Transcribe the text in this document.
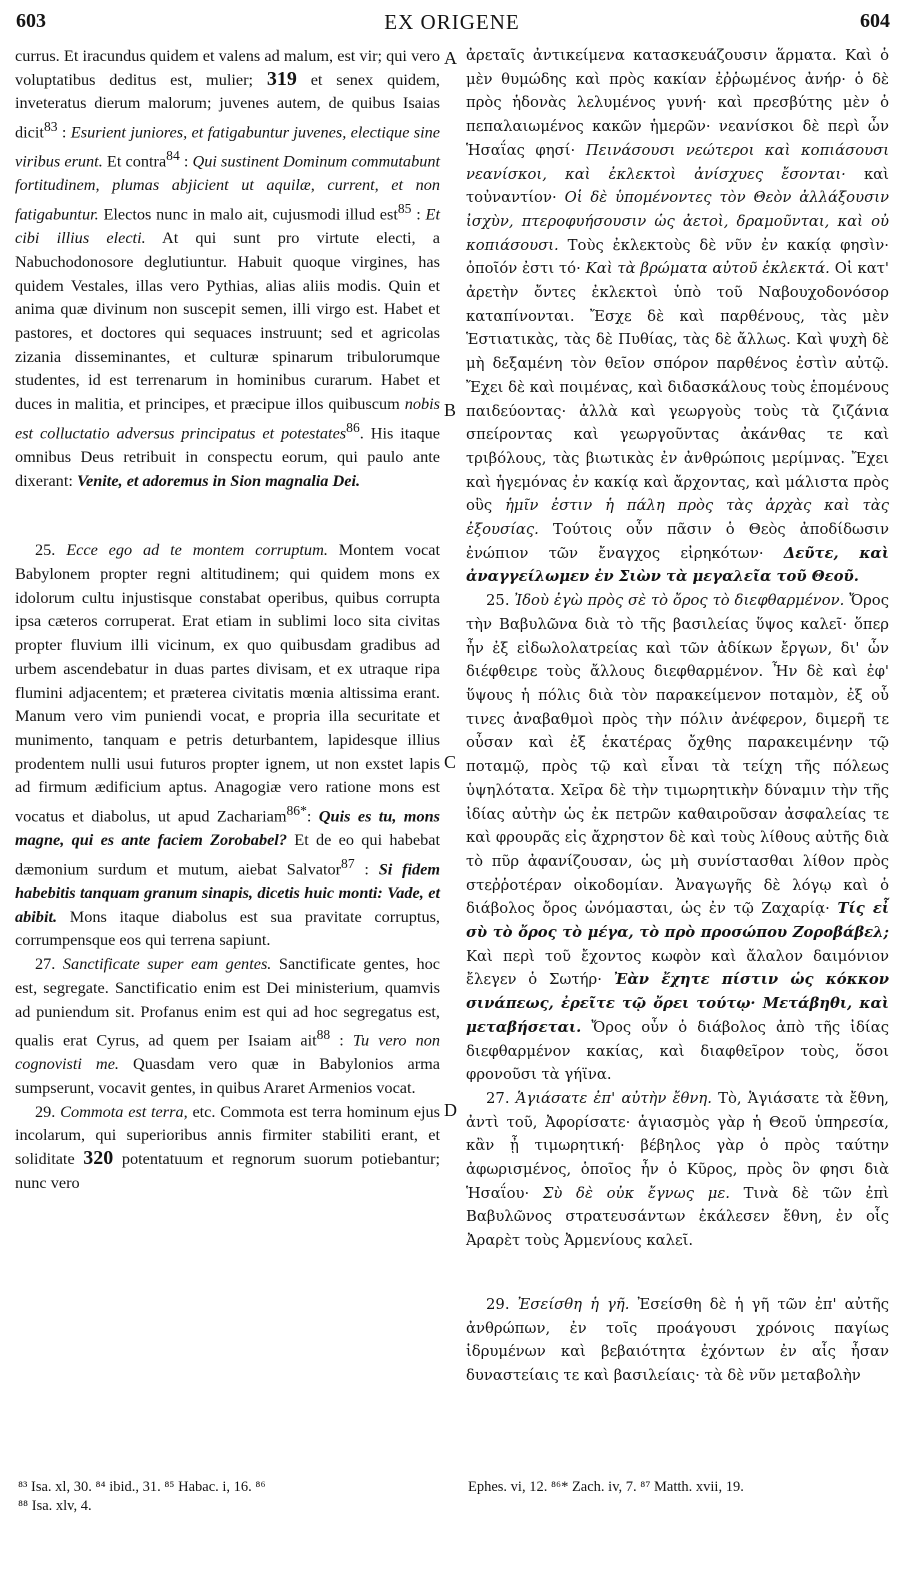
603	EX ORIGENE	604

currus. Et iracundus quidem et valens ad malum, est vir; qui vero voluptatibus deditus est, mulier; 319 et senex quidem, inveteratus dierum malorum; juvenes autem, de quibus Isaias dicit$^{83}$ : Esurient juniores, et fatigabuntur juvenes, electique sine viribus erunt. Et contra$^{84}$ : Qui sustinent Dominum commutabunt fortitudinem, plumas abjicient ut aquilæ, current, et non fatigabuntur. Electos nunc in malo ait, cujusmodi illud est$^{85}$ : Et cibi illius electi. At qui sunt pro virtute electi, a Nabuchodonosore deglutiuntur. Habuit quoque virgines, has quidem Vestales, illas vero Pythias, alias aliis modis. Quin et anima quæ divinum non suscepit semen, illi virgo est. Habet et pastores, et doctores qui sequaces instruunt; sed et agricolas zizania disseminantes, et culturæ spinarum tribulorumque studentes, id est terrenarum in hominibus curarum. Habet et duces in malitia, et principes, et præcipue illos quibuscum nobis est colluctatio adversus principatus et potestates$^{86}$. His itaque omnibus Deus retribuit in conspectu eorum, qui paulo ante dixerant: Venite, et adoremus in Sion magnalia Dei.

25. Ecce ego ad te montem corruptum. Montem vocat Babylonem propter regni altitudinem; qui quidem mons ex idolorum cultu injustisque constabat operibus, quibus corrupta ipsa cæteros corruperat. Erat etiam in sublimi loco sita civitas propter fluvium illi vicinum, ex quo quibusdam gradibus ad urbem ascendebatur in duas partes divisam, et ex utraque ripa flumini adjacentem; et præterea civitatis mœnia altissima erant. Manum vero vim puniendi vocat, e propria illa securitate et munimento, tanquam e petris deturbantem, lapidesque illius prodentem nulli usui futuros propter ignem, ut non exstet lapis ad firmum ædificium aptus. Anagogiæ vero ratione mons est vocatus et diabolus, ut apud Zachariam$^{86*}$: Quis es tu, mons magne, qui es ante faciem Zorobabel? Et de eo qui habebat dæmonium surdum et mutum, aiebat Salvator$^{87}$ : Si fidem habebitis tanquam granum sinapis, dicetis huic monti: Vade, et abibit. Mons itaque diabolus est sua pravitate corruptus, corrumpensque eos qui terrena sapiunt.

27. Sanctificate super eam gentes. Sanctificate gentes, hoc est, segregate. Sanctificatio enim est Dei ministerium, quamvis ad puniendum sit. Profanus enim est qui ad hoc segregatus est, qualis erat Cyrus, ad quem per Isaiam ait$^{88}$ : Tu vero non cognovisti me. Quasdam vero quæ in Babylonios arma sumpserunt, vocavit gentes, in quibus Araret Armenios vocat.

29. Commota est terra, etc. Commota est terra hominum ejus incolarum, qui superioribus annis firmiter stabiliti erant, et soliditate 320 potentatuum et regnorum suorum potiebantur; nunc vero

A
B
C
D

ἀρεταῖς ἀντικείμενα κατασκευάζουσιν ἅρματα. Καὶ ὁ μὲν θυμώδης καὶ πρὸς κακίαν ἐῤῥωμένος ἀνήρ· ὁ δὲ πρὸς ἡδονὰς λελυμένος γυνή· καὶ πρεσβύτης μὲν ὁ πεπαλαιωμένος κακῶν ἡμερῶν· νεανίσκοι δὲ περὶ ὧν Ἡσαΐας φησί· Πεινάσουσι νεώτεροι καὶ κοπιάσουσι νεανίσκοι, καὶ ἐκλεκτοὶ ἀνίσχυες ἔσονται· καὶ τοὐναντίον· Οἱ δὲ ὑπομένοντες τὸν Θεὸν ἀλλάξουσιν ἰσχὺν, πτεροφυήσουσιν ὡς ἀετοὶ, δραμοῦνται, καὶ οὐ κοπιάσουσι. Τοὺς ἐκλεκτοὺς δὲ νῦν ἐν κακίᾳ φησὶν· ὁποῖόν ἐστι τό· Καὶ τὰ βρώματα αὐτοῦ ἐκλεκτά. Οἱ κατ' ἀρετὴν ὄντες ἐκλεκτοὶ ὑπὸ τοῦ Ναβουχοδονόσορ καταπίνονται. Ἔσχε δὲ καὶ παρθένους, τὰς μὲν Ἑστιατικὰς, τὰς δὲ Πυθίας, τὰς δὲ ἄλλως. Καὶ ψυχὴ δὲ μὴ δεξαμένη τὸν θεῖον σπόρον παρθένος ἐστὶν αὐτῷ. Ἔχει δὲ καὶ ποιμένας, καὶ διδασκάλους τοὺς ἑπομένους παιδεύοντας· ἀλλὰ καὶ γεωργοὺς τοὺς τὰ ζιζάνια σπείροντας καὶ γεωργοῦντας ἀκάνθας τε καὶ τριβόλους, τὰς βιωτικὰς ἐν ἀνθρώποις μερίμνας. Ἔχει καὶ ἡγεμόνας ἐν κακίᾳ καὶ ἄρχοντας, καὶ μάλιστα πρὸς οὓς ἡμῖν ἐστιν ἡ πάλη πρὸς τὰς ἀρχὰς καὶ τὰς ἐξουσίας. Τούτοις οὖν πᾶσιν ὁ Θεὸς ἀποδίδωσιν ἐνώπιον τῶν ἔναγχος εἰρηκότων· Δεῦτε, καὶ ἀναγγείλωμεν ἐν Σιὼν τὰ μεγαλεῖα τοῦ Θεοῦ.

25. Ἰδοὺ ἐγὼ πρὸς σὲ τὸ ὄρος τὸ διεφθαρμένον. Ὄρος τὴν Βαβυλῶνα διὰ τὸ τῆς βασιλείας ὕψος καλεῖ· ὅπερ ἦν ἐξ εἰδωλολατρείας καὶ τῶν ἀδίκων ἔργων, δι' ὧν διέφθειρε τοὺς ἄλλους διεφθαρμένον. Ἦν δὲ καὶ ἐφ' ὕψους ἡ πόλις διὰ τὸν παρακείμενον ποταμὸν, ἐξ οὗ τινες ἀναβαθμοὶ πρὸς τὴν πόλιν ἀνέφερον, διμερῆ τε οὖσαν καὶ ἐξ ἑκατέρας ὄχθης παρακειμένην τῷ ποταμῷ, πρὸς τῷ καὶ εἶναι τὰ τείχη τῆς πόλεως ὑψηλότατα. Χεῖρα δὲ τὴν τιμωρητικὴν δύναμιν τὴν τῆς ἰδίας αὐτὴν ὡς ἐκ πετρῶν καθαιροῦσαν ἀσφαλείας τε καὶ φρουρᾶς εἰς ἄχρηστον δὲ καὶ τοὺς λίθους αὐτῆς διὰ τὸ πῦρ ἀφανίζουσαν, ὡς μὴ συνίστασθαι λίθον πρὸς στεῤῥοτέραν οἰκοδομίαν. Ἀναγωγῆς δὲ λόγῳ καὶ ὁ διάβολος ὄρος ὠνόμασται, ὡς ἐν τῷ Ζαχαρίᾳ· Τίς εἶ σὺ τὸ ὄρος τὸ μέγα, τὸ πρὸ προσώπου Ζοροβάβελ; Καὶ περὶ τοῦ ἔχοντος κωφὸν καὶ ἄλαλον δαιμόνιον ἔλεγεν ὁ Σωτήρ· Ἐὰν ἔχητε πίστιν ὡς κόκκον σινάπεως, ἐρεῖτε τῷ ὄρει τούτῳ· Μετάβηθι, καὶ μεταβήσεται. Ὄρος οὖν ὁ διάβολος ἀπὸ τῆς ἰδίας διεφθαρμένον κακίας, καὶ διαφθεῖρον τοὺς, ὅσοι φρονοῦσι τὰ γήϊνα.

27. Ἁγιάσατε ἐπ' αὐτὴν ἔθνη. Τὸ, Ἁγιάσατε τὰ ἔθνη, ἀντὶ τοῦ, Ἀφορίσατε· ἁγιασμὸς γὰρ ἡ Θεοῦ ὑπηρεσία, κἂν ᾖ τιμωρητική· βέβηλος γὰρ ὁ πρὸς ταύτην ἀφωρισμένος, ὁποῖος ἦν ὁ Κῦρος, πρὸς ὃν φησι διὰ Ἡσαΐου· Σὺ δὲ οὐκ ἔγνως με. Τινὰ δὲ τῶν ἐπὶ Βαβυλῶνος στρατευσάντων ἐκάλεσεν ἔθνη, ἐν οἷς Ἀραρὲτ τοὺς Ἀρμενίους καλεῖ.

29. Ἐσείσθη ἡ γῆ. Ἐσείσθη δὲ ἡ γῆ τῶν ἐπ' αὐτῆς ἀνθρώπων, ἐν τοῖς προάγουσι χρόνοις παγίως ἱδρυμένων καὶ βεβαιότητα ἐχόντων ἐν αἷς ἦσαν δυναστείαις τε καὶ βασιλείαις· τὰ δὲ νῦν μεταβολὴν

⁸³ Isa. xl, 30. ⁸⁴ ibid., 31. ⁸⁵ Habac. i, 16. ⁸⁶
⁸⁸ Isa. xlv, 4.
Ephes. vi, 12. ⁸⁶* Zach. iv, 7. ⁸⁷ Matth. xvii, 19.
